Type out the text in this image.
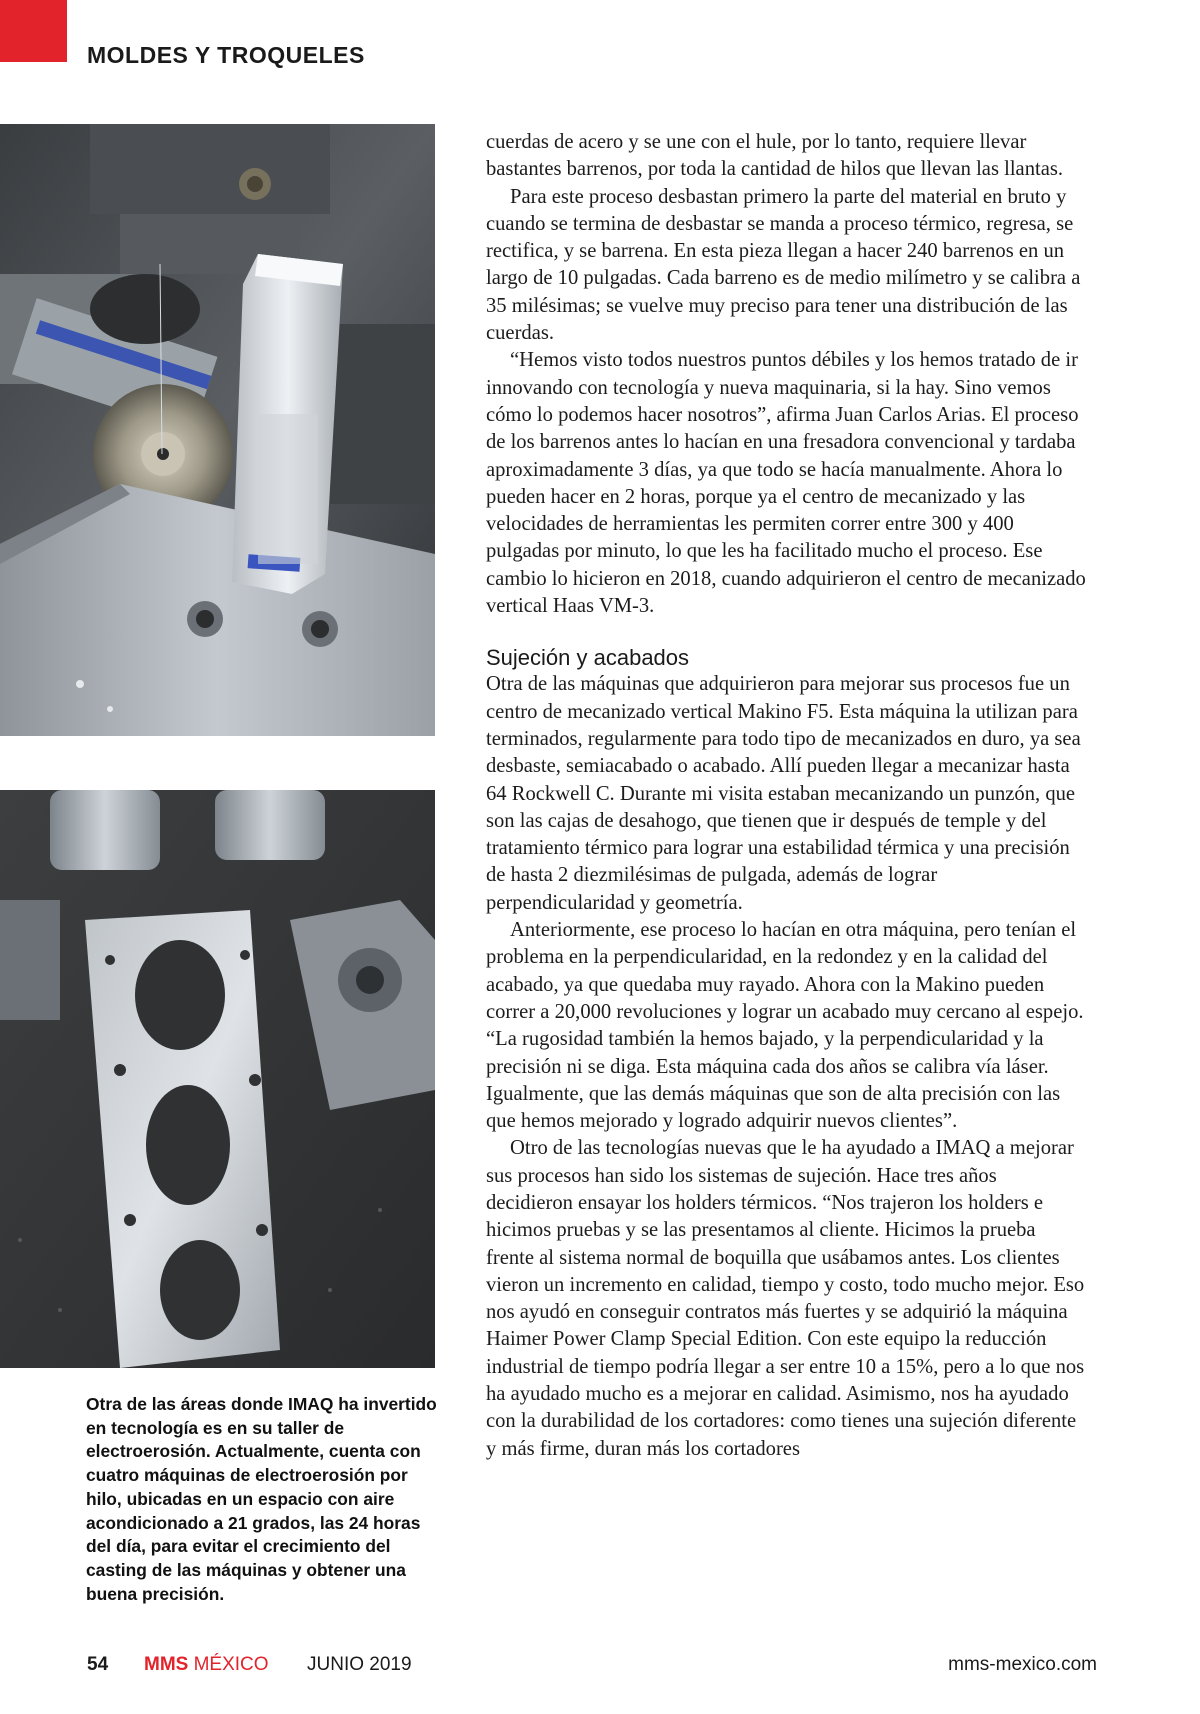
MOLDES Y TROQUELES
Otra de las áreas donde IMAQ ha invertido en tecnología es en su taller de electroerosión. Actualmente, cuenta con cuatro máquinas de electroerosión por hilo, ubicadas en un espacio con aire acondicionado a 21 grados, las 24 horas del día, para evitar el crecimiento del casting de las máquinas y obtener una buena precisión.

cuerdas de acero y se une con el hule, por lo tanto, requiere llevar bastantes barrenos, por toda la cantidad de hilos que llevan las llantas.

Para este proceso desbastan primero la parte del material en bruto y cuando se termina de desbastar se manda a proceso térmico, regresa, se rectifica, y se barrena. En esta pieza llegan a hacer 240 barrenos en un largo de 10 pulgadas. Cada barreno es de medio milímetro y se calibra a 35 milésimas; se vuelve muy preciso para tener una distribución de las cuerdas.

“Hemos visto todos nuestros puntos débiles y los hemos tratado de ir innovando con tecnología y nueva maquinaria, si la hay. Sino vemos cómo lo podemos hacer nosotros”, afirma Juan Carlos Arias. El proceso de los barrenos antes lo hacían en una fresadora convencional y tardaba aproximadamente 3 días, ya que todo se hacía manualmente. Ahora lo pueden hacer en 2 horas, porque ya el centro de mecanizado y las velocidades de herramientas les permiten correr entre 300 y 400 pulgadas por minuto, lo que les ha facilitado mucho el proceso. Ese cambio lo hicieron en 2018, cuando adquirieron el centro de mecanizado vertical Haas VM-3.

Sujeción y acabados

Otra de las máquinas que adquirieron para mejorar sus procesos fue un centro de mecanizado vertical Makino F5. Esta máquina la utilizan para terminados, regularmente para todo tipo de mecanizados en duro, ya sea desbaste, semiacabado o acabado. Allí pueden llegar a mecanizar hasta 64 Rockwell C. Durante mi visita estaban mecanizando un punzón, que son las cajas de desahogo, que tienen que ir después de temple y del tratamiento térmico para lograr una estabilidad térmica y una precisión de hasta 2 diezmilésimas de pulgada, además de lograr perpendicularidad y geometría.

Anteriormente, ese proceso lo hacían en otra máquina, pero tenían el problema en la perpendicularidad, en la redondez y en la calidad del acabado, ya que quedaba muy rayado. Ahora con la Makino pueden correr a 20,000 revoluciones y lograr un acabado muy cercano al espejo. “La rugosidad también la hemos bajado, y la perpendicularidad y la precisión ni se diga. Esta máquina cada dos años se calibra vía láser. Igualmente, que las demás máquinas que son de alta precisión con las que hemos mejorado y logrado adquirir nuevos clientes”.

Otro de las tecnologías nuevas que le ha ayudado a IMAQ a mejorar sus procesos han sido los sistemas de sujeción. Hace tres años decidieron ensayar los holders térmicos. “Nos trajeron los holders e hicimos pruebas y se las presentamos al cliente. Hicimos la prueba frente al sistema normal de boquilla que usábamos antes. Los clientes vieron un incremento en calidad, tiempo y costo, todo mucho mejor. Eso nos ayudó en conseguir contratos más fuertes y se adquirió la máquina Haimer Power Clamp Special Edition. Con este equipo la reducción industrial de tiempo podría llegar a ser entre 10 a 15%, pero a lo que nos ha ayudado mucho es a mejorar en calidad. Asimismo, nos ha ayudado con la durabilidad de los cortadores: como tienes una sujeción diferente y más firme, duran más los cortadores

54 MMS MÉXICO JUNIO 2019	mms-mexico.com
